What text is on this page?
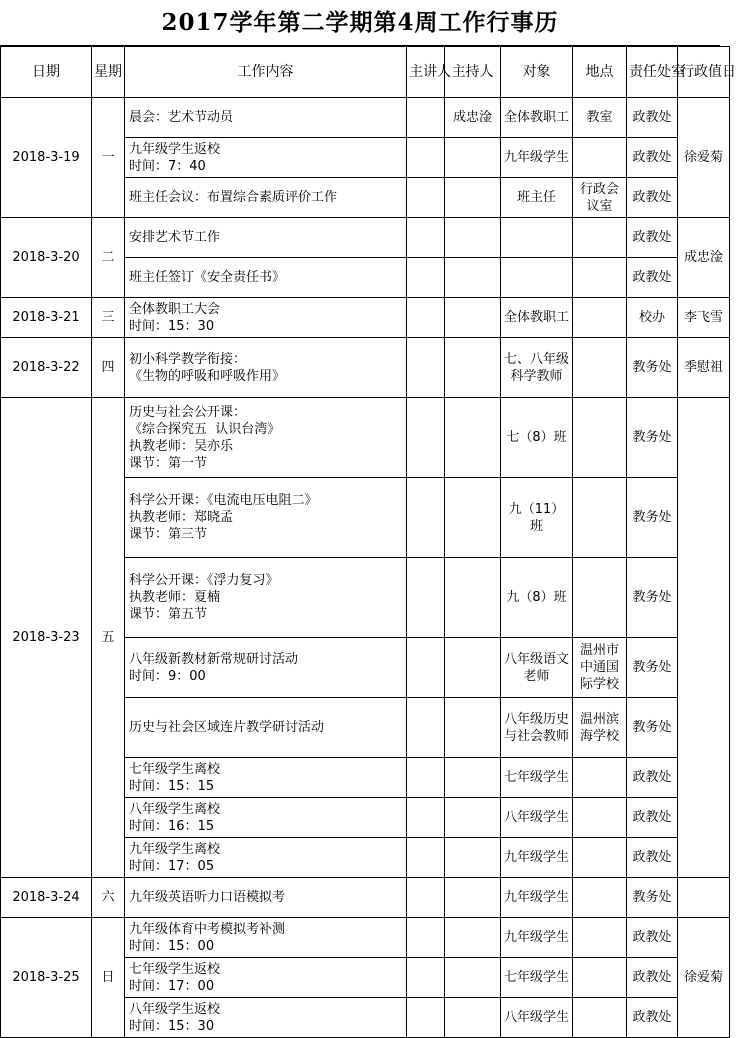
2017学年第二学期第4周工作行事历
日期	星期	工作内容	主讲人	主持人	对象	地点	责任处室	行政值日
2018-3-19	一	晨会：艺术节动员		成忠淦	全体教职工	教室	政教处	徐爱菊
		九年级学生返校
时间：7：40			九年级学生		政教处	
		班主任会议：布置综合素质评价工作			班主任	行政会议室	政教处	
2018-3-20	二	安排艺术节工作					政教处	成忠淦
		班主任签订《安全责任书》					政教处	
2018-3-21	三	全体教职工大会
时间：15：30			全体教职工		校办	李飞雪
2018-3-22	四	初小科学教学衔接：
《生物的呼吸和呼吸作用》			七、八年级科学教师		教务处	季慰祖
2018-3-23	五	历史与社会公开课：
《综合探究五  认识台湾》
执教老师：吴亦乐
课节：第一节			七（8）班		教务处	
		科学公开课：《电流电压电阻二》
执教老师：郑晓孟
课节：第三节			九（11）班		教务处	
		科学公开课：《浮力复习》
执教老师：夏楠
课节：第五节			九（8）班		教务处	
		八年级新教材新常规研讨活动
时间：9：00			八年级语文老师	温州市中通国际学校	教务处	
		历史与社会区域连片教学研讨活动			八年级历史与社会教师	温州滨海学校	教务处	
		七年级学生离校
时间：15：15			七年级学生		政教处	
		八年级学生离校
时间：16：15			八年级学生		政教处	
		九年级学生离校
时间：17：05			九年级学生		政教处	
2018-3-24	六	九年级英语听力口语模拟考			九年级学生		教务处	
2018-3-25	日	九年级体育中考模拟考补测
时间：15：00			九年级学生		政教处	徐爱菊
		七年级学生返校
时间：17：00			七年级学生		政教处	
		八年级学生返校
时间：15：30			八年级学生		政教处	
